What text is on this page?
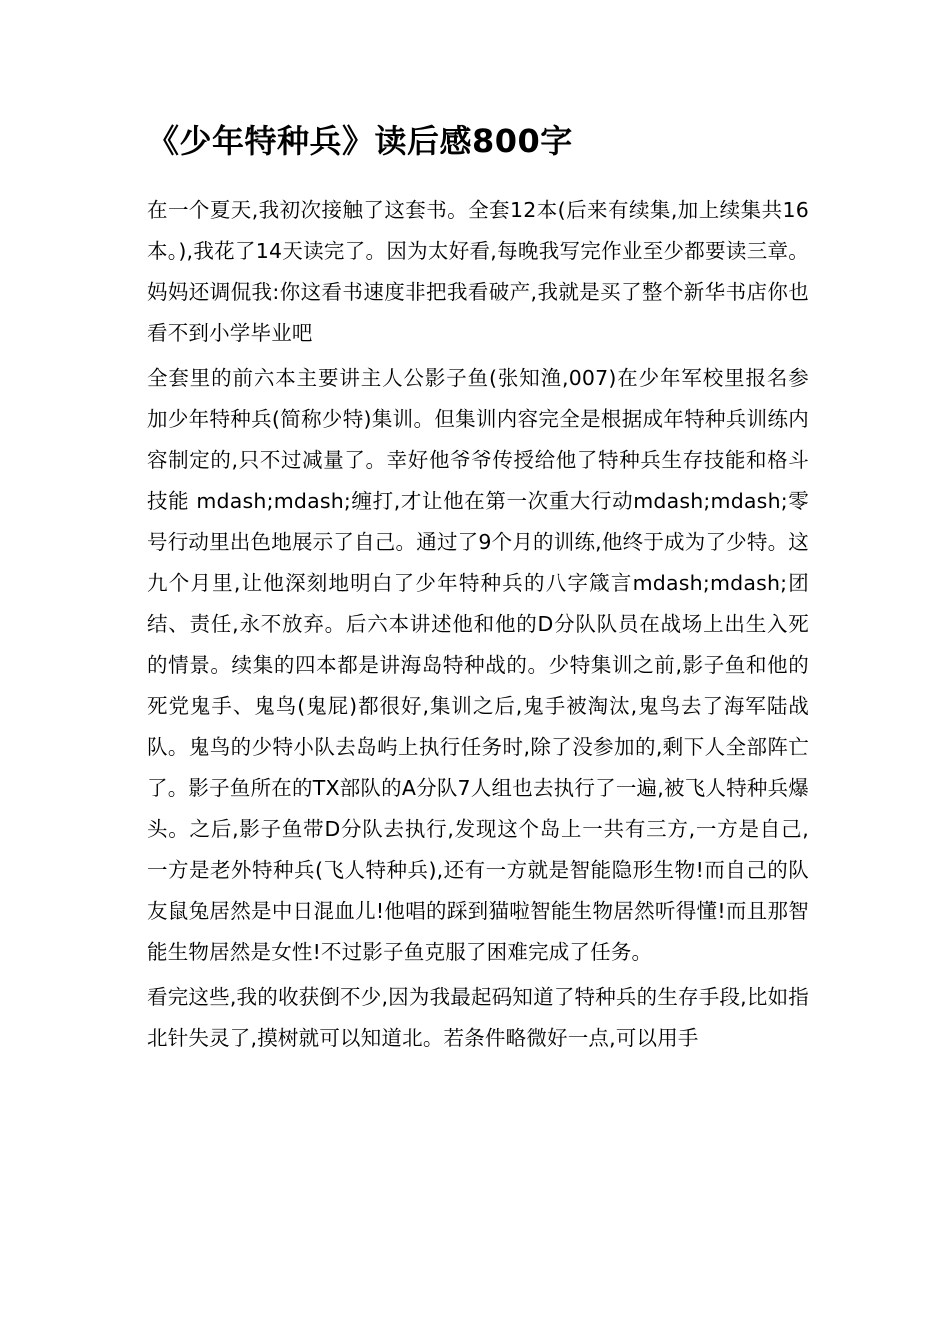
《少年特种兵》读后感800字

在一个夏天,我初次接触了这套书。全套12本(后来有续集,加上续集共16本。),我花了14天读完了。因为太好看,每晚我写完作业至少都要读三章。妈妈还调侃我:你这看书速度非把我看破产,我就是买了整个新华书店你也看不到小学毕业吧

全套里的前六本主要讲主人公影子鱼(张知渔,007)在少年军校里报名参加少年特种兵(简称少特)集训。但集训内容完全是根据成年特种兵训练内容制定的,只不过减量了。幸好他爷爷传授给他了特种兵生存技能和格斗技能 mdash;mdash;缠打,才让他在第一次重大行动mdash;mdash;零号行动里出色地展示了自己。通过了9个月的训练,他终于成为了少特。这九个月里,让他深刻地明白了少年特种兵的八字箴言mdash;mdash;团结、责任,永不放弃。后六本讲述他和他的D分队队员在战场上出生入死的情景。续集的四本都是讲海岛特种战的。少特集训之前,影子鱼和他的死党鬼手、鬼鸟(鬼屁)都很好,集训之后,鬼手被淘汰,鬼鸟去了海军陆战队。鬼鸟的少特小队去岛屿上执行任务时,除了没参加的,剩下人全部阵亡了。影子鱼所在的TX部队的A分队7人组也去执行了一遍,被飞人特种兵爆头。之后,影子鱼带D分队去执行,发现这个岛上一共有三方,一方是自己,一方是老外特种兵(飞人特种兵),还有一方就是智能隐形生物!而自己的队友鼠兔居然是中日混血儿!他唱的踩到猫啦智能生物居然听得懂!而且那智能生物居然是女性!不过影子鱼克服了困难完成了任务。

看完这些,我的收获倒不少,因为我最起码知道了特种兵的生存手段,比如指北针失灵了,摸树就可以知道北。若条件略微好一点,可以用手
